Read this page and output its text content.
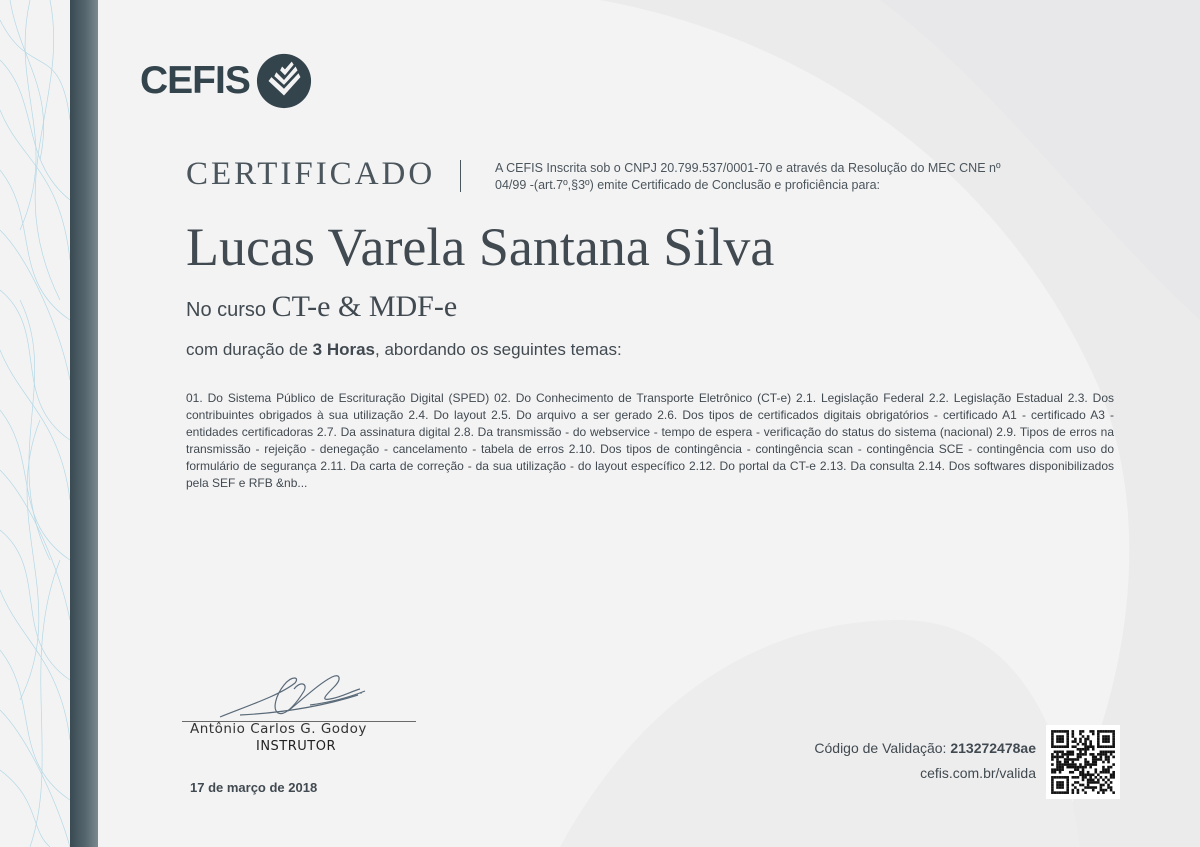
CEFIS
CERTIFICADO	A CEFIS Inscrita sob o CNPJ 20.799.537/0001-70 e através da Resolução do MEC CNE nº 04/99 -(art.7º,§3º) emite Certificado de Conclusão e proficiência para:
Lucas Varela Santana Silva
No curso CT-e & MDF-e
com duração de 3 Horas, abordando os seguintes temas:
01. Do Sistema Público de Escrituração Digital (SPED) 02. Do Conhecimento de Transporte Eletrônico (CT-e) 2.1. Legislação Federal 2.2. Legislação Estadual 2.3. Dos contribuintes obrigados à sua utilização 2.4. Do layout 2.5. Do arquivo a ser gerado 2.6. Dos tipos de certificados digitais obrigatórios - certificado A1 - certificado A3 - entidades certificadoras 2.7. Da assinatura digital 2.8. Da transmissão - do webservice - tempo de espera - verificação do status do sistema (nacional) 2.9. Tipos de erros na transmissão - rejeição - denegação - cancelamento - tabela de erros 2.10. Dos tipos de contingência - contingência scan - contingência SCE - contingência com uso do formulário de segurança 2.11. Da carta de correção - da sua utilização - do layout específico 2.12. Do portal da CT-e 2.13. Da consulta 2.14. Dos softwares disponibilizados pela SEF e RFB &nb...
Antônio Carlos G. Godoy
INSTRUTOR
17 de março de 2018
Código de Validação: 213272478ae
cefis.com.br/valida
